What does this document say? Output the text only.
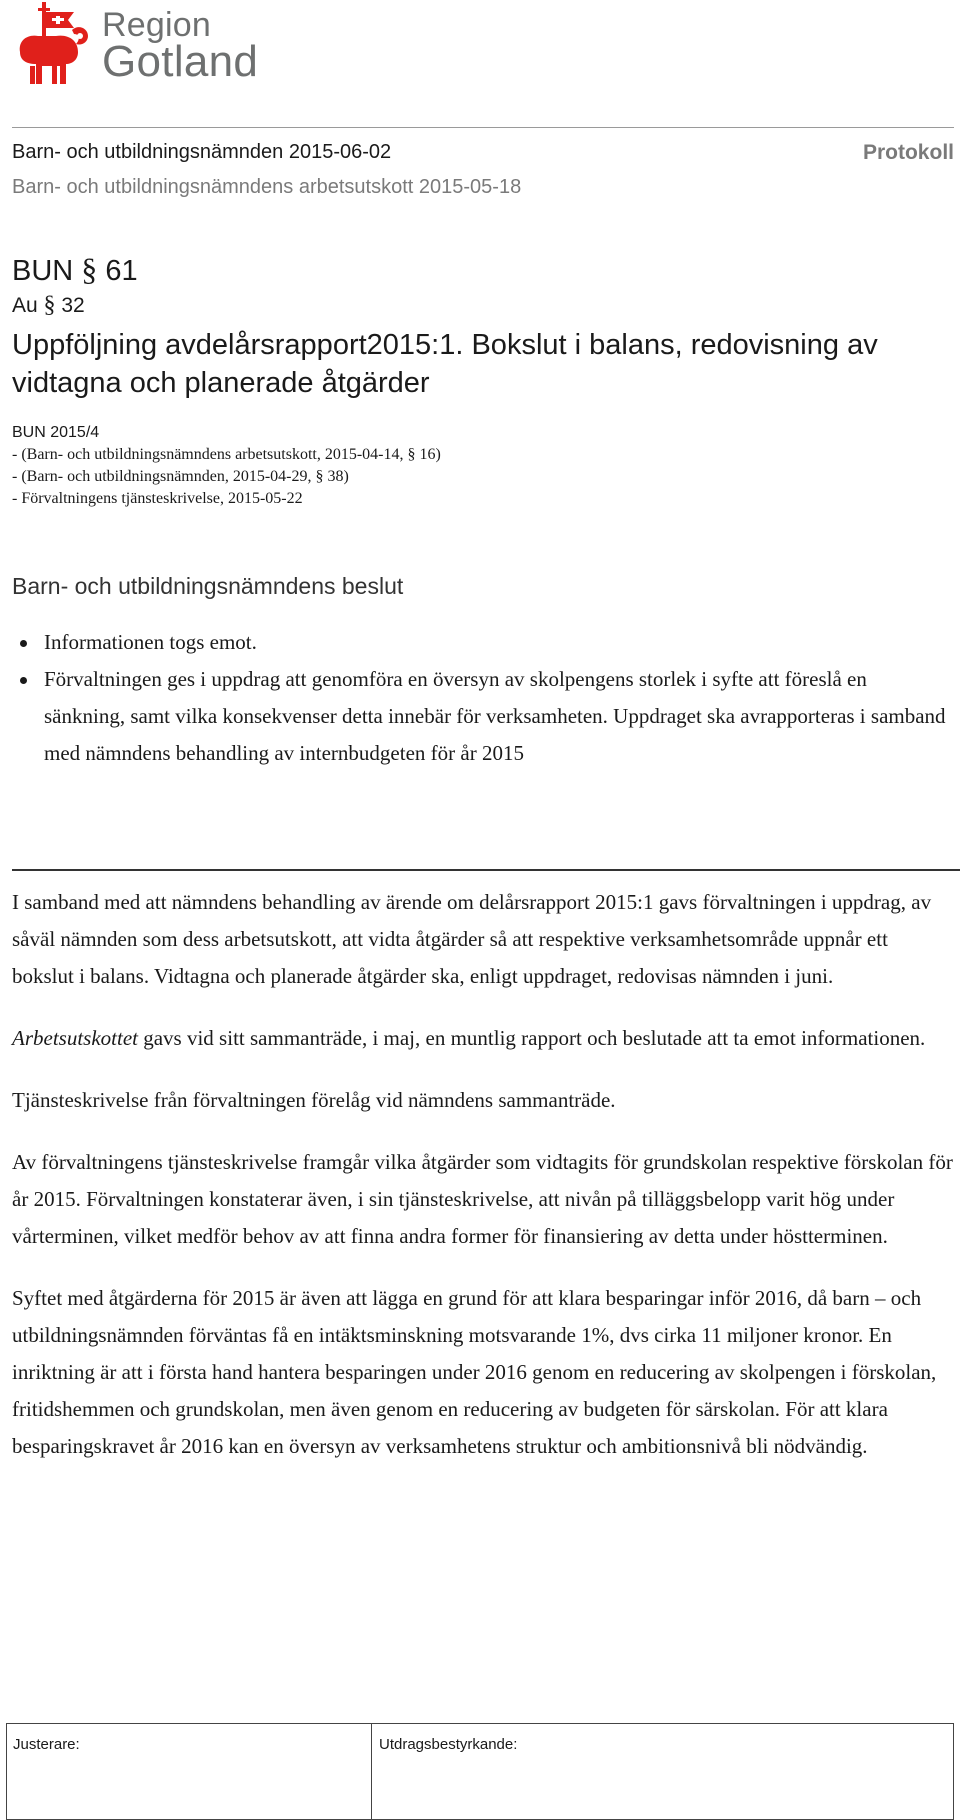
Region
Gotland
Barn- och utbildningsnämnden 2015-06-02	Protokoll
Barn- och utbildningsnämndens arbetsutskott 2015-05-18
BUN § 61
Au § 32
Uppföljning avdelårsrapport2015:1. Bokslut i balans, redovisning av vidtagna och planerade åtgärder
BUN 2015/4
- (Barn- och utbildningsnämndens arbetsutskott, 2015-04-14, § 16)
- (Barn- och utbildningsnämnden, 2015-04-29, § 38)
- Förvaltningens tjänsteskrivelse, 2015-05-22
Barn- och utbildningsnämndens beslut
Informationen togs emot.
Förvaltningen ges i uppdrag att genomföra en översyn av skolpengens storlek i syfte att föreslå en sänkning, samt vilka konsekvenser detta innebär för verksamheten. Uppdraget ska avrapporteras i samband med nämndens behandling av internbudgeten för år 2015

I samband med att nämndens behandling av ärende om delårsrapport 2015:1 gavs förvaltningen i uppdrag, av såväl nämnden som dess arbetsutskott, att vidta åtgärder så att respektive verksamhetsområde uppnår ett bokslut i balans. Vidtagna och planerade åtgärder ska, enligt uppdraget, redovisas nämnden i juni.

Arbetsutskottet gavs vid sitt sammanträde, i maj, en muntlig rapport och beslutade att ta emot informationen.

Tjänsteskrivelse från förvaltningen förelåg vid nämndens sammanträde.

Av förvaltningens tjänsteskrivelse framgår vilka åtgärder som vidtagits för grundskolan respektive förskolan för år 2015. Förvaltningen konstaterar även, i sin tjänsteskrivelse, att nivån på tilläggsbelopp varit hög under vårterminen, vilket medför behov av att finna andra former för finansiering av detta under höstterminen.

Syftet med åtgärderna för 2015 är även att lägga en grund för att klara besparingar inför 2016, då barn – och utbildningsnämnden förväntas få en intäktsminskning motsvarande 1%, dvs cirka 11 miljoner kronor. En inriktning är att i första hand hantera besparingen under 2016 genom en reducering av skolpengen i förskolan, fritidshemmen och grundskolan, men även genom en reducering av budgeten för särskolan. För att klara besparingskravet år 2016 kan en översyn av verksamhetens struktur och ambitionsnivå bli nödvändig.

Justerare:	Utdragsbestyrkande:
